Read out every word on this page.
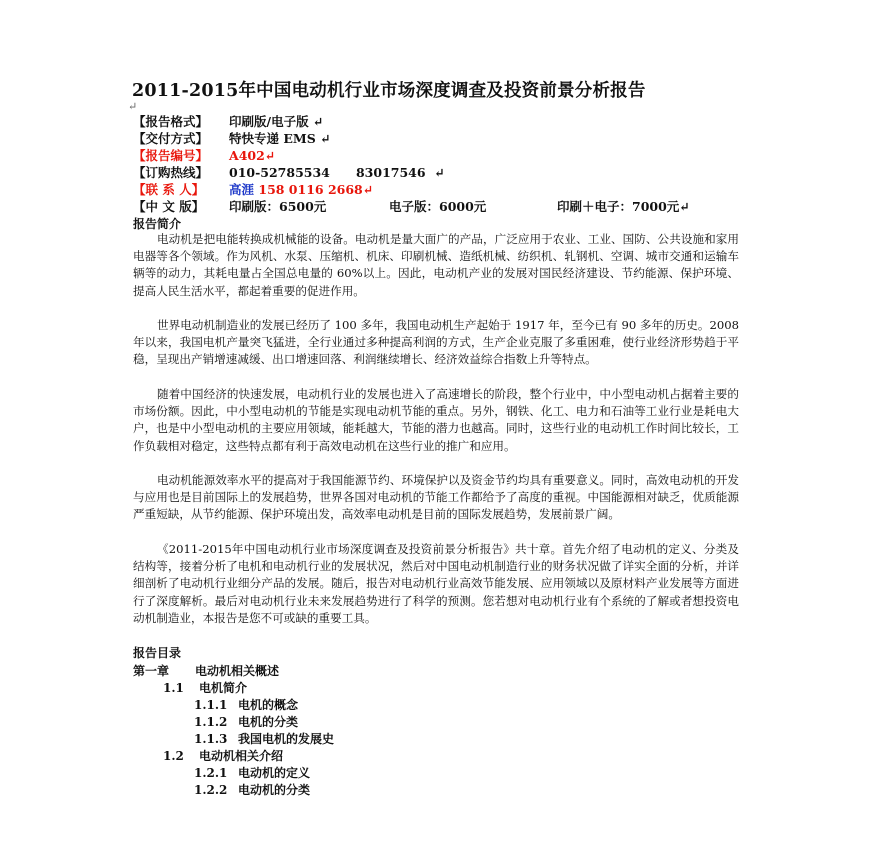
2011-2015年中国电动机行业市场深度调查及投资前景分析报告
↵
【报告格式】 印刷版/电子版 ↵
【交付方式】 特快专递 EMS ↵
【报告编号】 A402↵
【订购热线】 010-52785534      83017546  ↵
【联 系 人】 高涯 158 0116 2668↵
【中 文 版】 印刷版：6500元	电子版：6000元	印刷＋电子：7000元↵
报告简介

电动机是把电能转换成机械能的设备。电动机是量大面广的产品，广泛应用于农业、工业、国防、公共设施和家用电器等各个领域。作为风机、水泵、压缩机、机床、印刷机械、造纸机械、纺织机、轧钢机、空调、城市交通和运输车辆等的动力，其耗电量占全国总电量的 60%以上。因此，电动机产业的发展对国民经济建设、节约能源、保护环境、提高人民生活水平，都起着重要的促进作用。

世界电动机制造业的发展已经历了 100 多年，我国电动机生产起始于 1917 年，至今已有 90 多年的历史。2008 年以来，我国电机产量突飞猛进，全行业通过多种提高利润的方式，生产企业克服了多重困难，使行业经济形势趋于平稳，呈现出产销增速减缓、出口增速回落、利润继续增长、经济效益综合指数上升等特点。

随着中国经济的快速发展，电动机行业的发展也进入了高速增长的阶段，整个行业中，中小型电动机占据着主要的市场份额。因此，中小型电动机的节能是实现电动机节能的重点。另外，钢铁、化工、电力和石油等工业行业是耗电大户，也是中小型电动机的主要应用领域，能耗越大，节能的潜力也越高。同时，这些行业的电动机工作时间比较长，工作负载相对稳定，这些特点都有利于高效电动机在这些行业的推广和应用。

电动机能源效率水平的提高对于我国能源节约、环境保护以及资金节约均具有重要意义。同时，高效电动机的开发与应用也是目前国际上的发展趋势，世界各国对电动机的节能工作都给予了高度的重视。中国能源相对缺乏，优质能源严重短缺，从节约能源、保护环境出发，高效率电动机是目前的国际发展趋势，发展前景广阔。

《2011-2015年中国电动机行业市场深度调查及投资前景分析报告》共十章。首先介绍了电动机的定义、分类及结构等，接着分析了电机和电动机行业的发展状况，然后对中国电动机制造行业的财务状况做了详实全面的分析，并详细剖析了电动机行业细分产品的发展。随后，报告对电动机行业高效节能发展、应用领域以及原材料产业发展等方面进行了深度解析。最后对电动机行业未来发展趋势进行了科学的预测。您若想对电动机行业有个系统的了解或者想投资电动机制造业，本报告是您不可或缺的重要工具。

报告目录
第一章 电动机相关概述
1.1 电机简介
1.1.1 电机的概念
1.1.2 电机的分类
1.1.3 我国电机的发展史
1.2 电动机相关介绍
1.2.1 电动机的定义
1.2.2 电动机的分类
